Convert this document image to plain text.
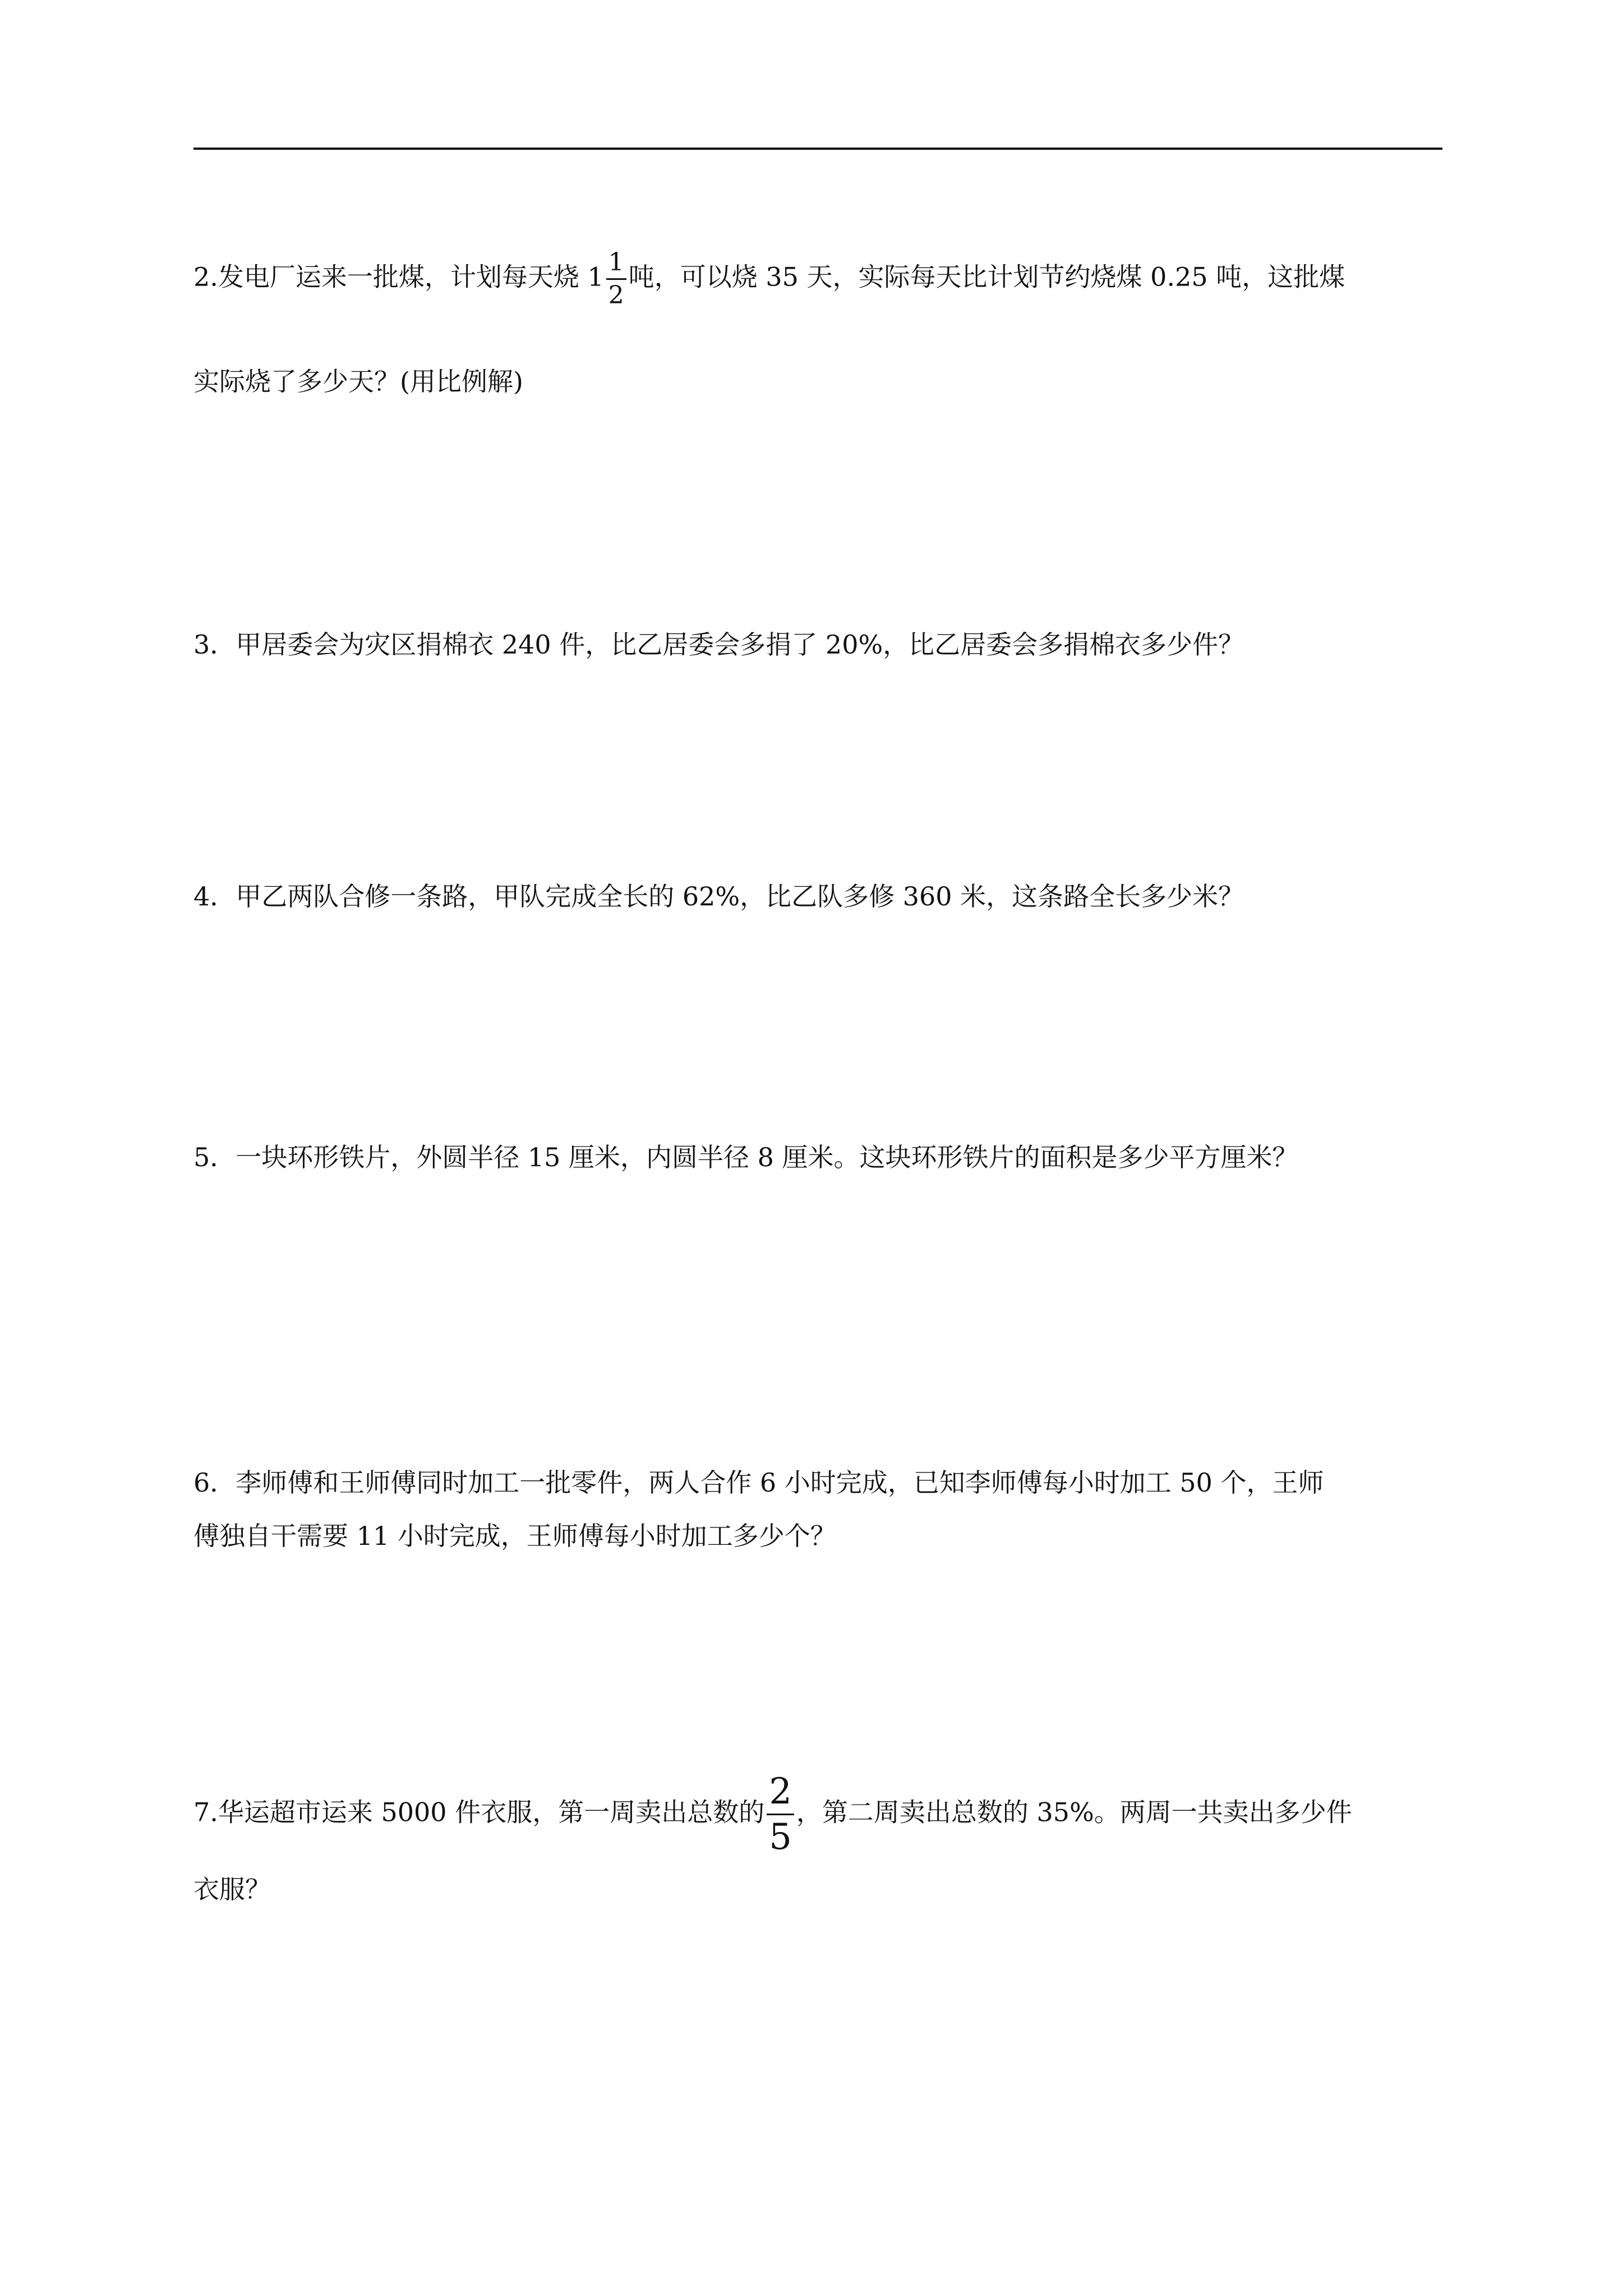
2.发电厂运来一批煤，计划每天烧 $1 \frac{1}{2}$ 吨，可以烧 35 天，实际每天比计划节约烧煤 0.25 吨，这批煤
实际烧了多少天？(用比例解)
3．甲居委会为灾区捐棉衣 240 件，比乙居委会多捐了 20%，比乙居委会多捐棉衣多少件？
4．甲乙两队合修一条路，甲队完成全长的 62%，比乙队多修 360 米，这条路全长多少米？
5．一块环形铁片，外圆半径 15 厘米，内圆半径 8 厘米。这块环形铁片的面积是多少平方厘米？
6．李师傅和王师傅同时加工一批零件，两人合作 6 小时完成，已知李师傅每小时加工 50 个，王师
傅独自干需要 11 小时完成，王师傅每小时加工多少个？
7.华运超市运来 5000 件衣服，第一周卖出总数的 $\frac{2}{5}$ ，第二周卖出总数的 35%。两周一共卖出多少件
衣服？
